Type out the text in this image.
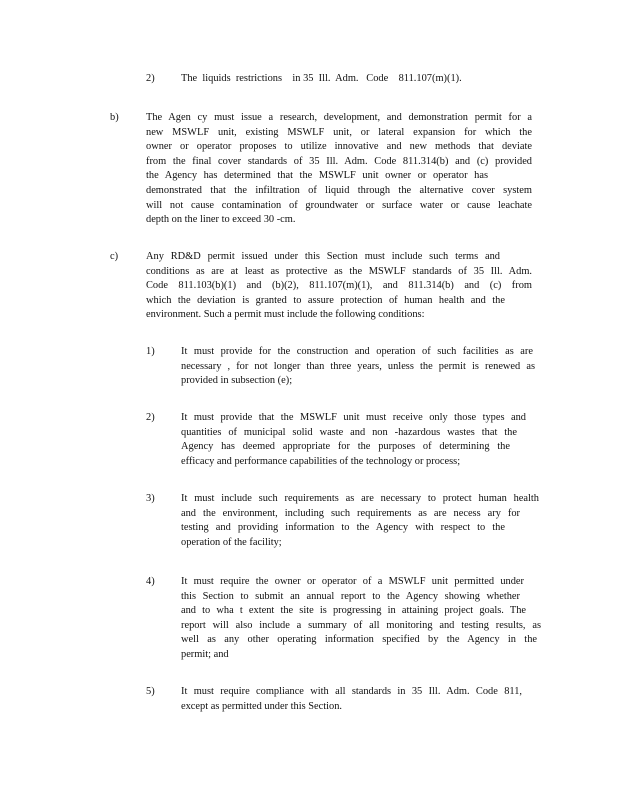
2)	The  liquids  restrictions    in 35  Ill.  Adm.   Code    811.107(m)(1).
b)	The Agen cy must issue a research, development, and demonstration permit for a
new MSWLF unit, existing MSWLF unit, or lateral expansion for which the
owner or operator proposes to utilize innovative and new methods that deviate
from the final cover standards of 35 Ill. Adm. Code 811.314(b) and (c) provided
the Agency has determined that the MSWLF unit owner or operator has
demonstrated that the infiltration of liquid through the alternative cover system
will not cause contamination of groundwater or surface water or cause leachate
depth on the liner to exceed 30 -cm.
c)	Any RD&D permit issued under this Section must include such terms and
conditions as are at least as protective as the MSWLF standards of 35 Ill. Adm.
Code 811.103(b)(1) and (b)(2), 811.107(m)(1), and 811.314(b) and (c) from
which the deviation is granted to assure protection of human health and the
environment. Such a permit must include the following conditions:
1)	It must provide for the construction and operation of such facilities as are
necessary , for not longer than three years, unless the permit is renewed as
provided in subsection (e);
2)	It must provide that the MSWLF unit must receive only those types and
quantities of municipal solid waste and non -hazardous wastes that the
Agency has deemed appropriate for the purposes of determining the
efficacy and performance capabilities of the technology or process;
3)	It must include such requirements as are necessary to protect human health
and the environment, including such requirements as are necess ary for
testing and providing information to the Agency with respect to the
operation of the facility;
4)	It must require the owner or operator of a MSWLF unit permitted under
this Section to submit an annual report to the Agency showing whether
and to wha t extent the site is progressing in attaining project goals. The
report will also include a summary of all monitoring and testing results, as
well as any other operating information specified by the Agency in the
permit; and
5)	It must require compliance with all standards in 35 Ill. Adm. Code 811,
except as permitted under this Section.
